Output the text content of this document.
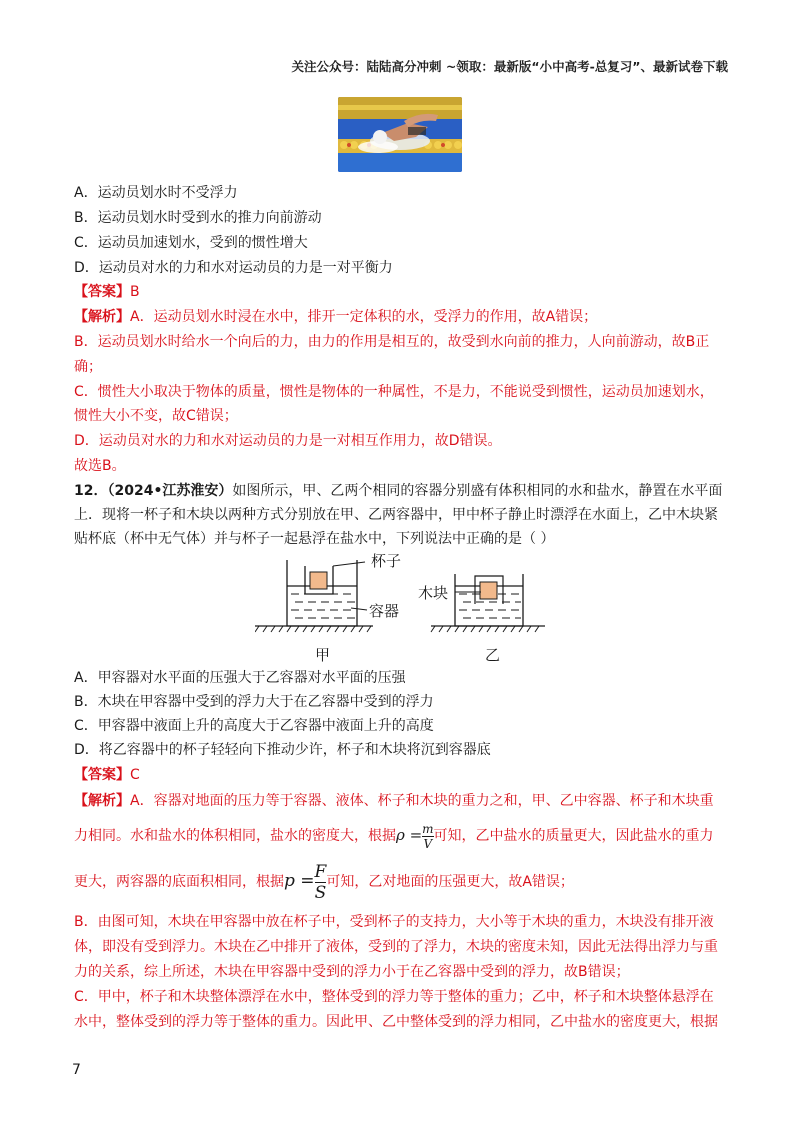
关注公众号：陆陆高分冲刺 ~领取：最新版“小中高考-总复习”、最新试卷下载
A．运动员划水时不受浮力
B．运动员划水时受到水的推力向前游动
C．运动员加速划水，受到的惯性增大
D．运动员对水的力和水对运动员的力是一对平衡力
【答案】B
【解析】A．运动员划水时浸在水中，排开一定体积的水，受浮力的作用，故A错误；
B．运动员划水时给水一个向后的力，由力的作用是相互的，故受到水向前的推力，人向前游动，故B正
确；
C．惯性大小取决于物体的质量，惯性是物体的一种属性，不是力，不能说受到惯性，运动员加速划水，
惯性大小不变，故C错误；
D．运动员对水的力和水对运动员的力是一对相互作用力，故D错误。
故选B。
12．（2024•江苏淮安）如图所示，甲、乙两个相同的容器分别盛有体积相同的水和盐水，静置在水平面
上．现将一杯子和木块以两种方式分别放在甲、乙两容器中，甲中杯子静止时漂浮在水面上，乙中木块紧
贴杯底（杯中无气体）并与杯子一起悬浮在盐水中，下列说法中正确的是（ ）
杯子
容器
木块
甲	乙
A．甲容器对水平面的压强大于乙容器对水平面的压强
B．木块在甲容器中受到的浮力大于在乙容器中受到的浮力
C．甲容器中液面上升的高度大于乙容器中液面上升的高度
D．将乙容器中的杯子轻轻向下推动少许，杯子和木块将沉到容器底
【答案】C
【解析】A．容器对地面的压力等于容器、液体、杯子和木块的重力之和，甲、乙中容器、杯子和木块重
力相同。水和盐水的体积相同，盐水的密度大，根据$\rho = \frac{m}{V}$ 可知，乙中盐水的质量更大，因此盐水的重力
更大，两容器的底面积相同，根据$p = \frac{F}{S}$ 可知，乙对地面的压强更大，故A错误；
B．由图可知，木块在甲容器中放在杯子中，受到杯子的支持力，大小等于木块的重力，木块没有排开液
体，即没有受到浮力。木块在乙中排开了液体，受到的了浮力，木块的密度未知，因此无法得出浮力与重
力的关系，综上所述，木块在甲容器中受到的浮力小于在乙容器中受到的浮力，故B错误；
C．甲中，杯子和木块整体漂浮在水中，整体受到的浮力等于整体的重力；乙中，杯子和木块整体悬浮在
水中，整体受到的浮力等于整体的重力。因此甲、乙中整体受到的浮力相同，乙中盐水的密度更大，根据
7
